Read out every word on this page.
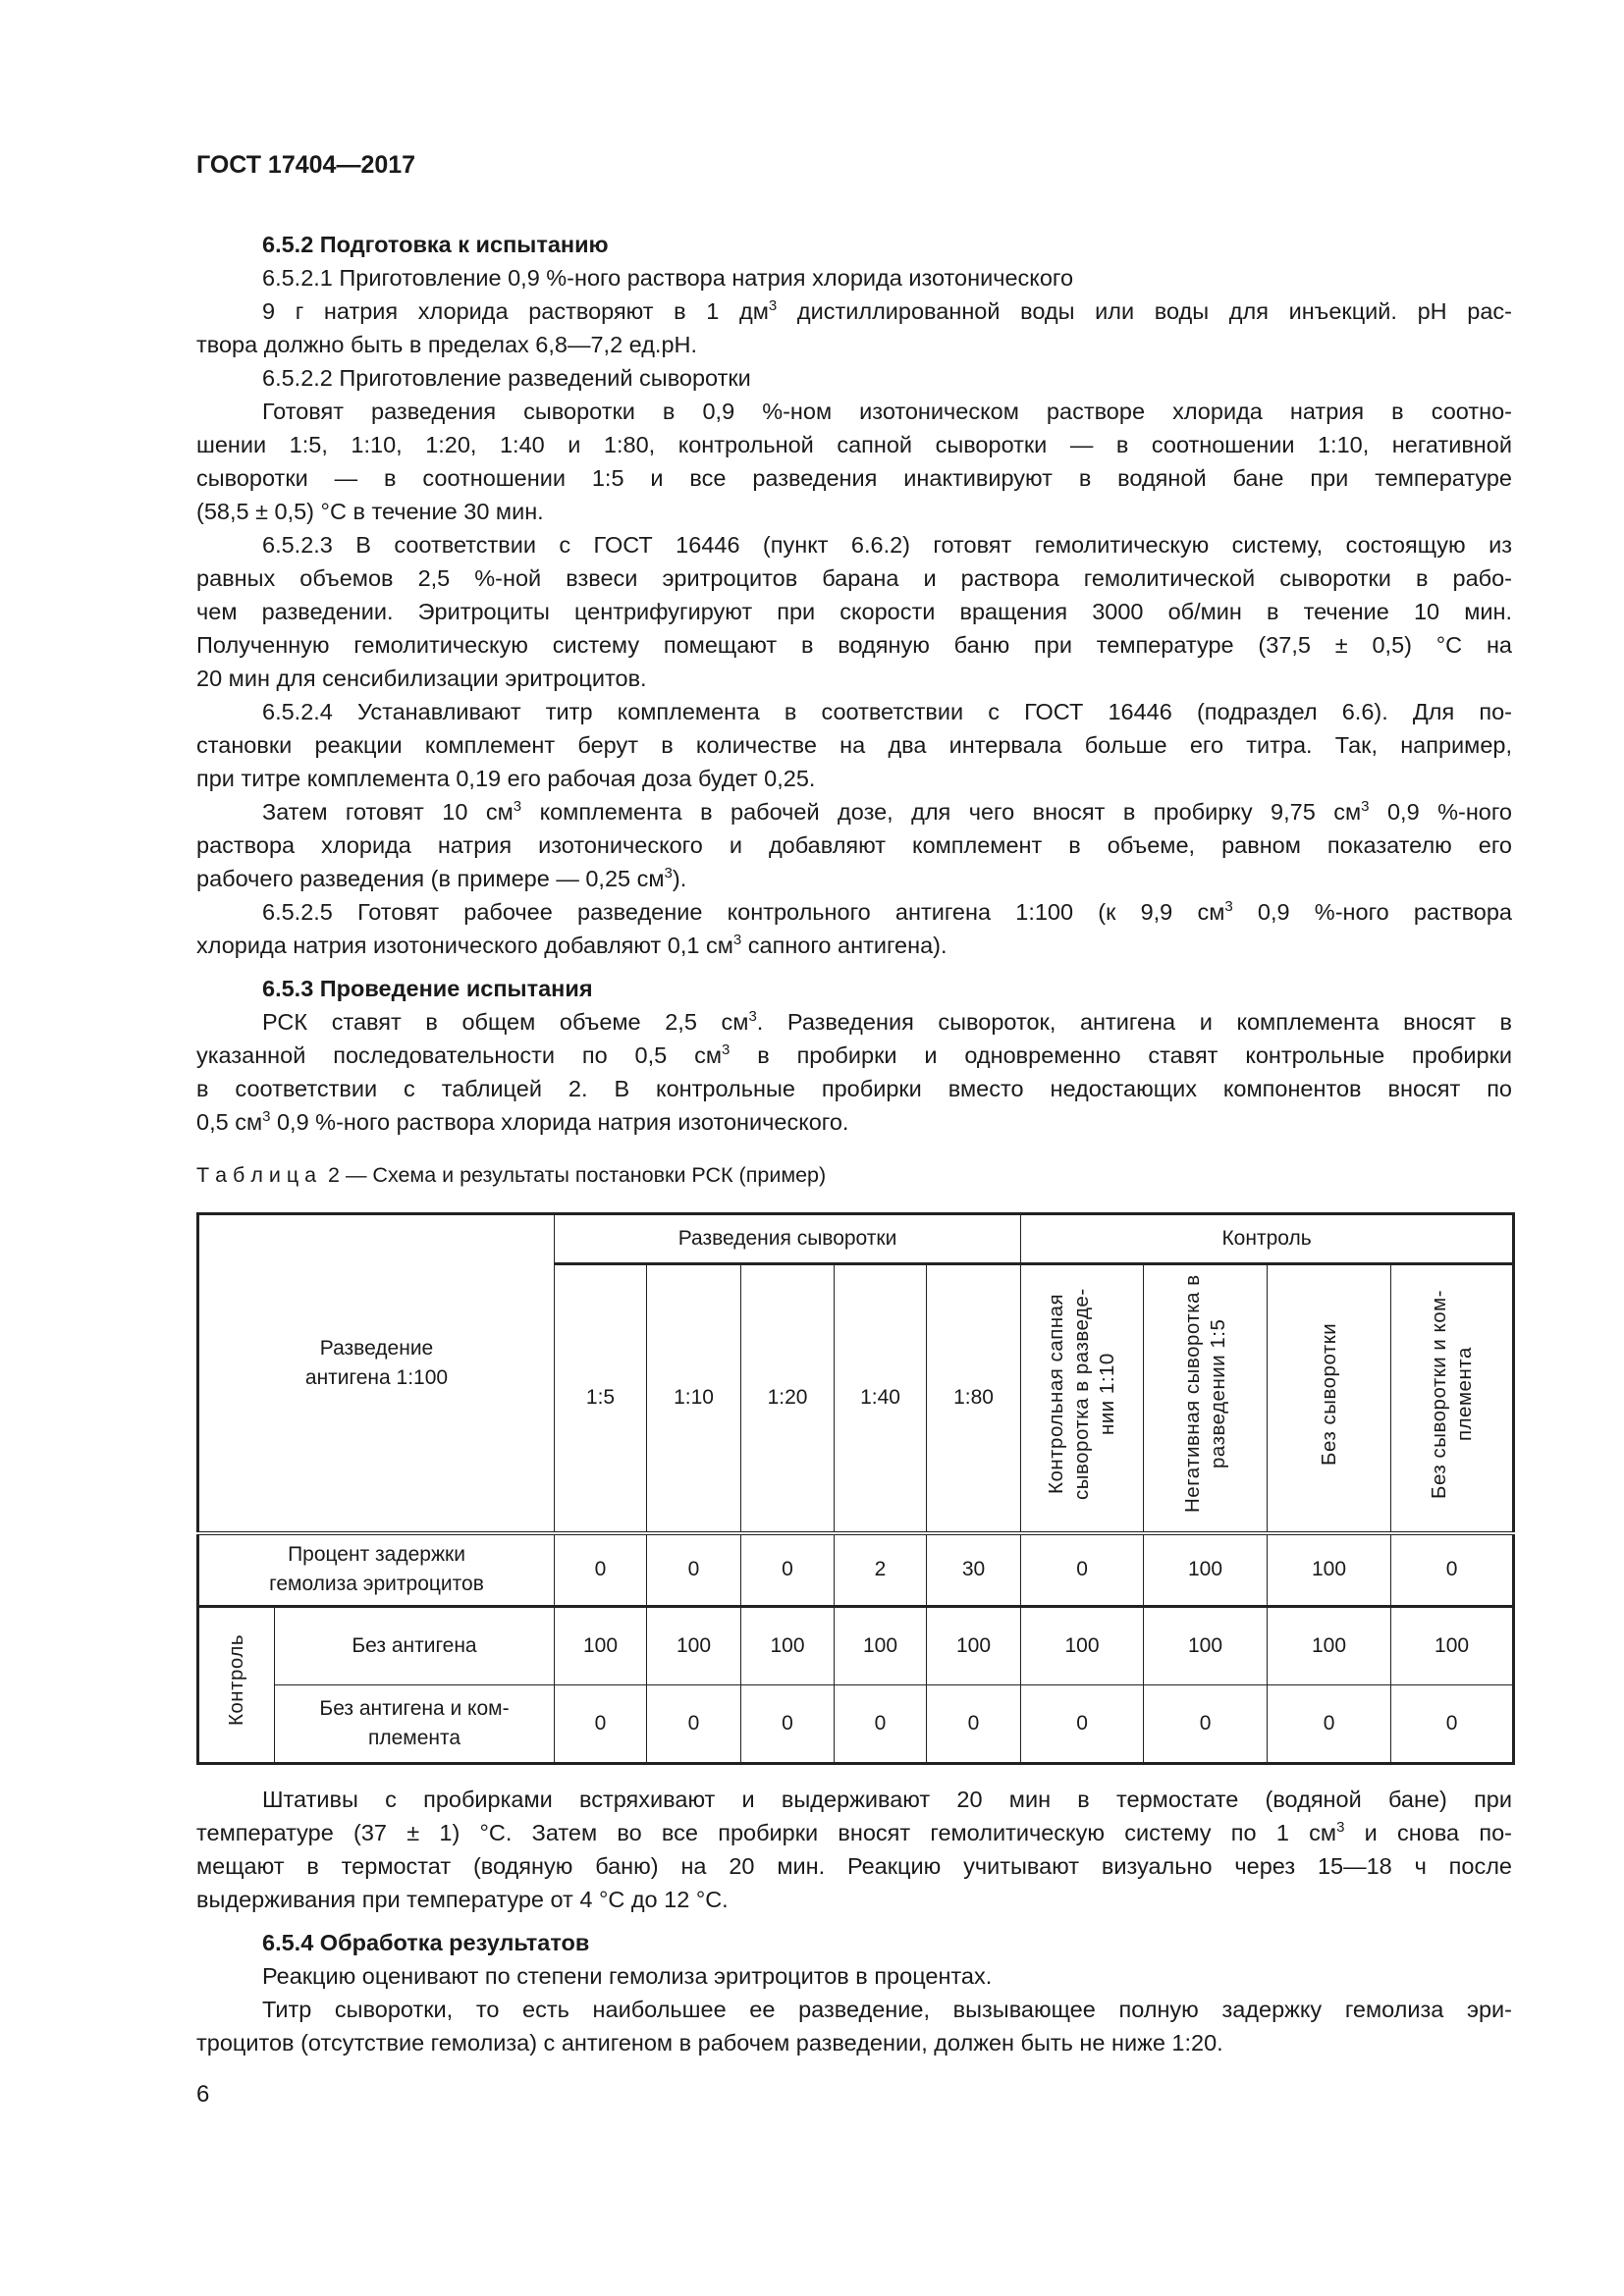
ГОСТ 17404—2017
6.5.2 Подготовка к испытанию
6.5.2.1 Приготовление 0,9 %-ного раствора натрия хлорида изотонического
9 г натрия хлорида растворяют в 1 $дм^3$ дистиллированной воды или воды для инъекций. pH рас-
твора должно быть в пределах 6,8—7,2 ед.pH.
6.5.2.2 Приготовление разведений сыворотки
Готовят разведения сыворотки в 0,9 %-ном изотоническом растворе хлорида натрия в соотно-
шении 1:5, 1:10, 1:20, 1:40 и 1:80, контрольной сапной сыворотки — в соотношении 1:10, негативной
сыворотки — в соотношении 1:5 и все разведения инактивируют в водяной бане при температуре
(58,5 ± 0,5) °С в течение 30 мин.
6.5.2.3 В соответствии с ГОСТ 16446 (пункт 6.6.2) готовят гемолитическую систему, состоящую из
равных объемов 2,5 %-ной взвеси эритроцитов барана и раствора гемолитической сыворотки в рабо-
чем разведении. Эритроциты центрифугируют при скорости вращения 3000 об/мин в течение 10 мин.
Полученную гемолитическую систему помещают в водяную баню при температуре (37,5 ± 0,5) °С на
20 мин для сенсибилизации эритроцитов.
6.5.2.4 Устанавливают титр комплемента в соответствии с ГОСТ 16446 (подраздел 6.6). Для по-
становки реакции комплемент берут в количестве на два интервала больше его титра. Так, например,
при титре комплемента 0,19 его рабочая доза будет 0,25.
Затем готовят 10 $см^3$ комплемента в рабочей дозе, для чего вносят в пробирку 9,75 $см^3$ 0,9 %-ного
раствора хлорида натрия изотонического и добавляют комплемент в объеме, равном показателю его
рабочего разведения (в примере — 0,25 $см^3$).
6.5.2.5 Готовят рабочее разведение контрольного антигена 1:100 (к 9,9 $см^3$ 0,9 %-ного раствора
хлорида натрия изотонического добавляют 0,1 $см^3$ сапного антигена).
6.5.3 Проведение испытания
РСК ставят в общем объеме 2,5 $см^3$. Разведения сывороток, антигена и комплемента вносят в
указанной последовательности по 0,5 $см^3$ в пробирки и одновременно ставят контрольные пробирки
в соответствии с таблицей 2. В контрольные пробирки вместо недостающих компонентов вносят по
0,5 $см^3$ 0,9 %-ного раствора хлорида натрия изотонического.
Т а б л и ц а  2 — Схема и результаты постановки РСК (пример)
Разведение антигена 1:100		Разведения сыворотки					Контроль			
		1:5	1:10	1:20	1:40	1:80	Контрольная сапная сыворотка в разведе-нии 1:10	Негативная сыворотка в разведении 1:5	Без сыворотки	Без сыворотки и ком-племента

Процент задержки гемолиза эритроцитов		0	0	0	2	30	0	100	100	0
Контроль	Без антигена	100	100	100	100	100	100	100	100	100

	Без антигена и ком-племента	0	0	0	0	0	0	0	0	0
Штативы с пробирками встряхивают и выдерживают 20 мин в термостате (водяной бане) при
температуре (37 ± 1) °С. Затем во все пробирки вносят гемолитическую систему по 1 $см^3$ и снова по-
мещают в термостат (водяную баню) на 20 мин. Реакцию учитывают визуально через 15—18 ч после
выдерживания при температуре от 4 °С до 12 °С.
6.5.4 Обработка результатов
Реакцию оценивают по степени гемолиза эритроцитов в процентах.
Титр сыворотки, то есть наибольшее ее разведение, вызывающее полную задержку гемолиза эри-
троцитов (отсутствие гемолиза) с антигеном в рабочем разведении, должен быть не ниже 1:20.
6
